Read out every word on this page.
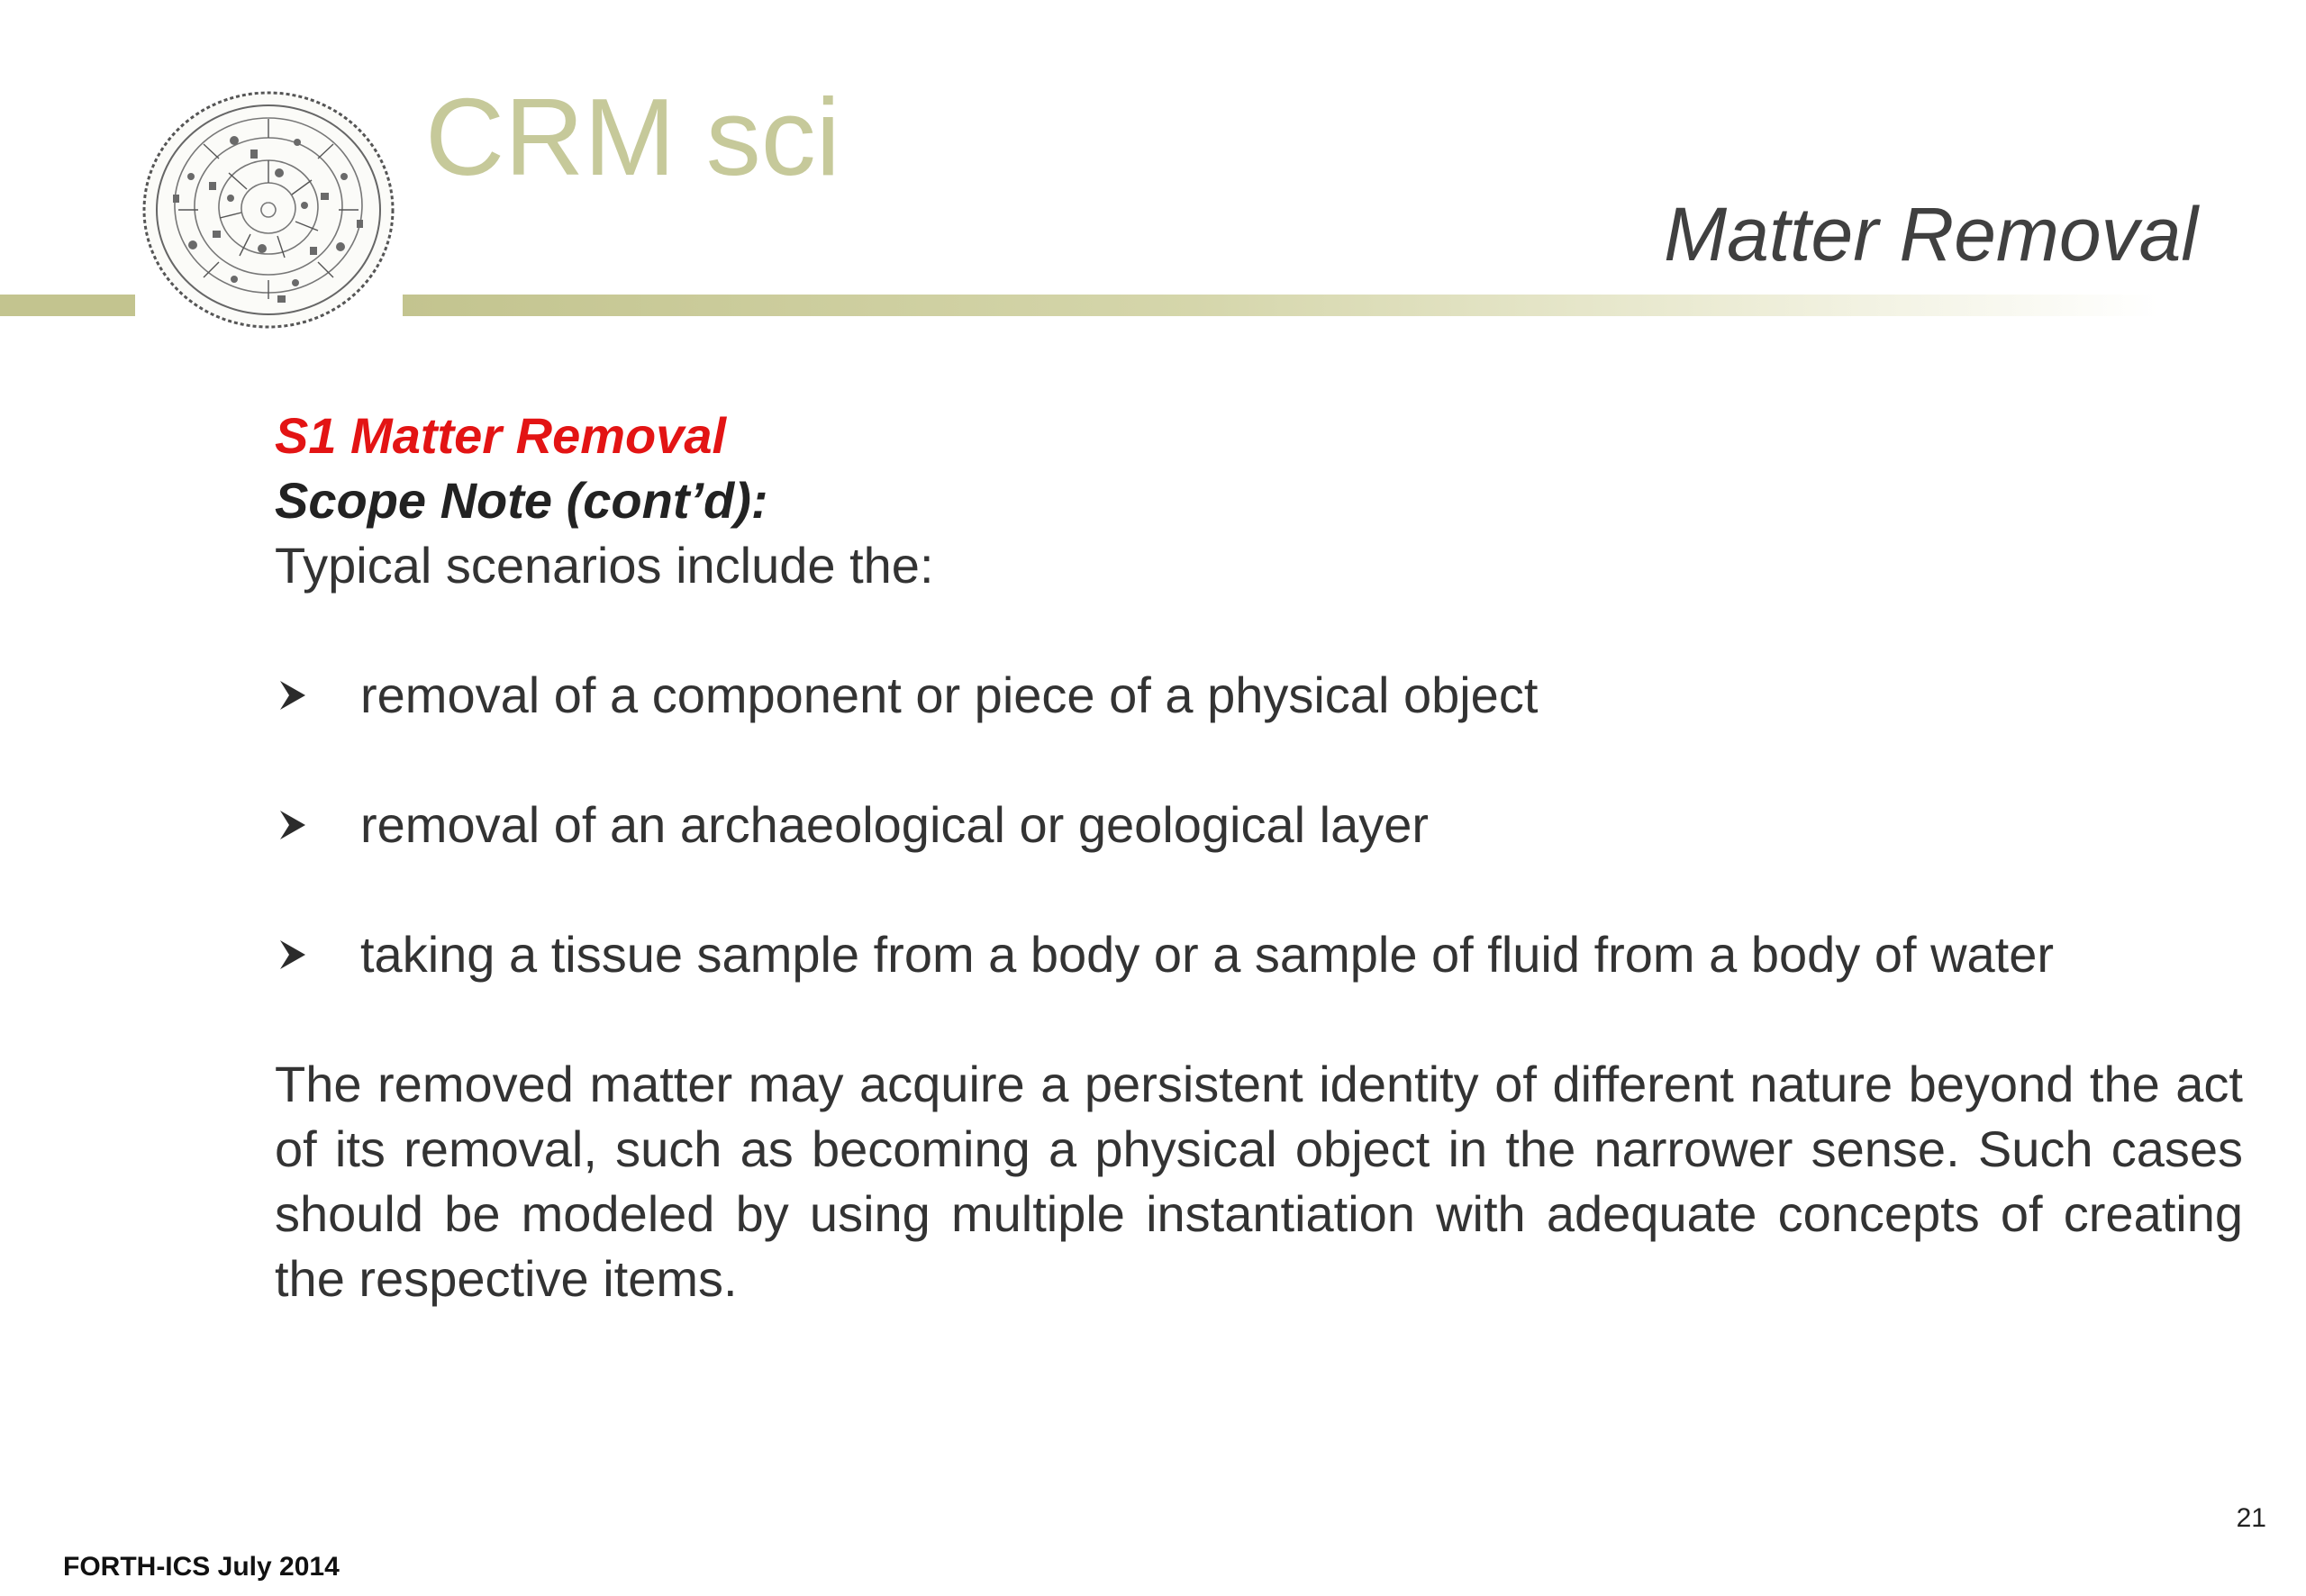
CRM sci
Matter Removal
S1 Matter Removal
Scope Note (cont’d):
Typical scenarios include the:
removal of a component or piece of a physical object
removal of an archaeological or geological layer
taking a tissue sample from a body or a sample of fluid from a body of water
The removed matter may acquire a persistent identity of different nature beyond the act of its removal, such as becoming a physical object in the narrower sense. Such cases should be modeled by using multiple instantiation with adequate concepts of creating the respective items.
21
FORTH-ICS July 2014
